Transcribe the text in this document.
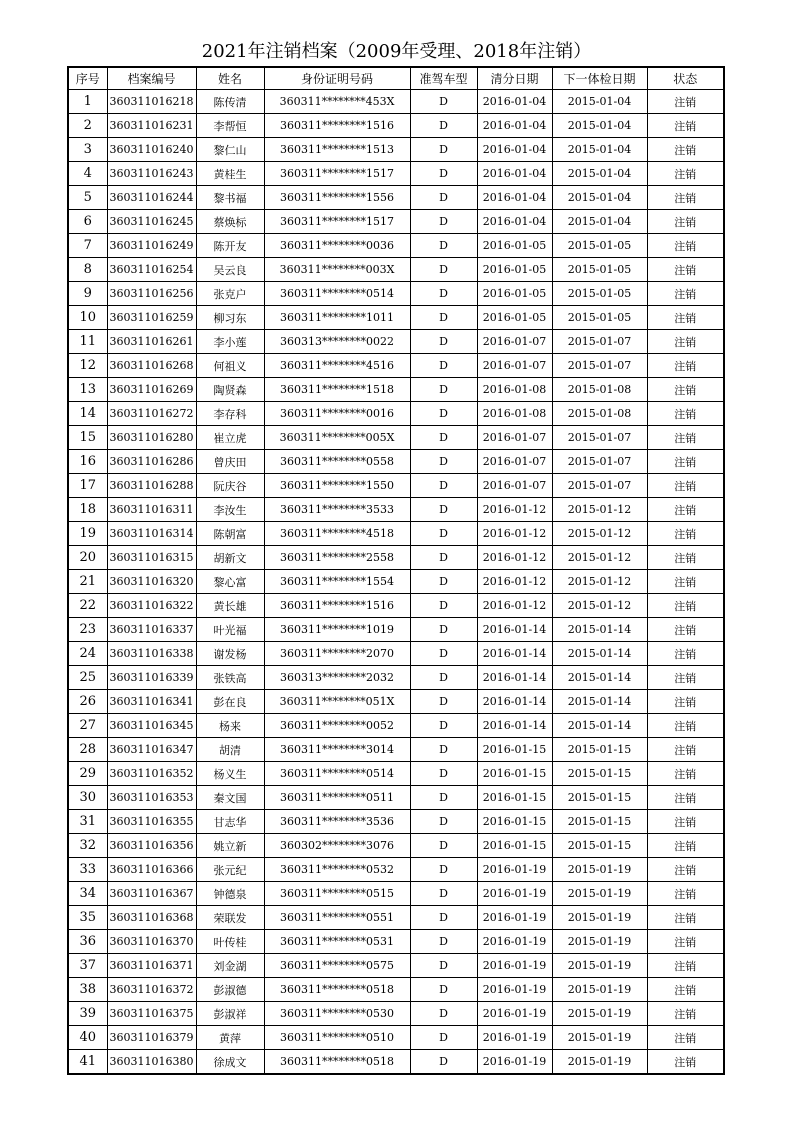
2021年注销档案（2009年受理、2018年注销）
序号	档案编号	姓名	身份证明号码	准驾车型	清分日期	下一体检日期	状态
1	360311016218	陈传清	360311********453X	D	2016-01-04	2015-01-04	注销
2	360311016231	李帮恒	360311********1516	D	2016-01-04	2015-01-04	注销
3	360311016240	黎仁山	360311********1513	D	2016-01-04	2015-01-04	注销
4	360311016243	黄桂生	360311********1517	D	2016-01-04	2015-01-04	注销
5	360311016244	黎书福	360311********1556	D	2016-01-04	2015-01-04	注销
6	360311016245	蔡焕标	360311********1517	D	2016-01-04	2015-01-04	注销
7	360311016249	陈开友	360311********0036	D	2016-01-05	2015-01-05	注销
8	360311016254	吴云良	360311********003X	D	2016-01-05	2015-01-05	注销
9	360311016256	张克户	360311********0514	D	2016-01-05	2015-01-05	注销
10	360311016259	柳习东	360311********1011	D	2016-01-05	2015-01-05	注销
11	360311016261	李小莲	360313********0022	D	2016-01-07	2015-01-07	注销
12	360311016268	何祖义	360311********4516	D	2016-01-07	2015-01-07	注销
13	360311016269	陶贤森	360311********1518	D	2016-01-08	2015-01-08	注销
14	360311016272	李存科	360311********0016	D	2016-01-08	2015-01-08	注销
15	360311016280	崔立虎	360311********005X	D	2016-01-07	2015-01-07	注销
16	360311016286	曾庆田	360311********0558	D	2016-01-07	2015-01-07	注销
17	360311016288	阮庆谷	360311********1550	D	2016-01-07	2015-01-07	注销
18	360311016311	李汝生	360311********3533	D	2016-01-12	2015-01-12	注销
19	360311016314	陈朝富	360311********4518	D	2016-01-12	2015-01-12	注销
20	360311016315	胡新文	360311********2558	D	2016-01-12	2015-01-12	注销
21	360311016320	黎心富	360311********1554	D	2016-01-12	2015-01-12	注销
22	360311016322	黄长雄	360311********1516	D	2016-01-12	2015-01-12	注销
23	360311016337	叶光福	360311********1019	D	2016-01-14	2015-01-14	注销
24	360311016338	谢发杨	360311********2070	D	2016-01-14	2015-01-14	注销
25	360311016339	张铁高	360313********2032	D	2016-01-14	2015-01-14	注销
26	360311016341	彭在良	360311********051X	D	2016-01-14	2015-01-14	注销
27	360311016345	杨来	360311********0052	D	2016-01-14	2015-01-14	注销
28	360311016347	胡清	360311********3014	D	2016-01-15	2015-01-15	注销
29	360311016352	杨义生	360311********0514	D	2016-01-15	2015-01-15	注销
30	360311016353	秦文国	360311********0511	D	2016-01-15	2015-01-15	注销
31	360311016355	甘志华	360311********3536	D	2016-01-15	2015-01-15	注销
32	360311016356	姚立新	360302********3076	D	2016-01-15	2015-01-15	注销
33	360311016366	张元纪	360311********0532	D	2016-01-19	2015-01-19	注销
34	360311016367	钟德泉	360311********0515	D	2016-01-19	2015-01-19	注销
35	360311016368	荣联发	360311********0551	D	2016-01-19	2015-01-19	注销
36	360311016370	叶传桂	360311********0531	D	2016-01-19	2015-01-19	注销
37	360311016371	刘金湖	360311********0575	D	2016-01-19	2015-01-19	注销
38	360311016372	彭淑德	360311********0518	D	2016-01-19	2015-01-19	注销
39	360311016375	彭淑祥	360311********0530	D	2016-01-19	2015-01-19	注销
40	360311016379	黄萍	360311********0510	D	2016-01-19	2015-01-19	注销
41	360311016380	徐成文	360311********0518	D	2016-01-19	2015-01-19	注销
